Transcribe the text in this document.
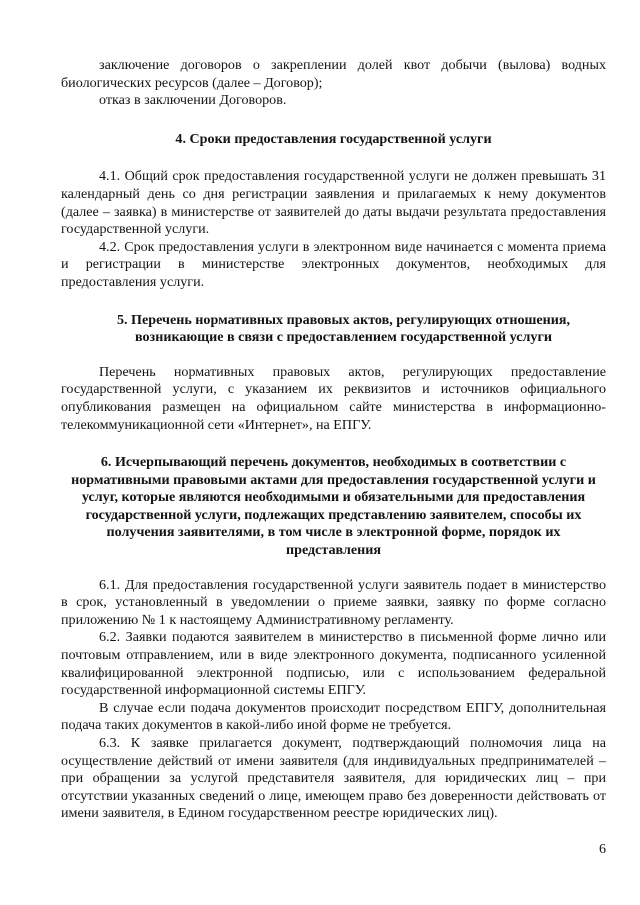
заключение договоров о закреплении долей квот добычи (вылова) водных биологических ресурсов (далее – Договор);

отказ в заключении Договоров.

4. Сроки предоставления государственной услуги

4.1. Общий срок предоставления государственной услуги не должен превышать 31 календарный день со дня регистрации заявления и прилагаемых к нему документов (далее – заявка) в министерстве от заявителей до даты выдачи результата предоставления государственной услуги.

4.2. Срок предоставления услуги в электронном виде начинается с момента приема и регистрации в министерстве электронных документов, необходимых для предоставления услуги.

5. Перечень нормативных правовых актов, регулирующих отношения, возникающие в связи с предоставлением государственной услуги

Перечень нормативных правовых актов, регулирующих предоставление государственной услуги, с указанием их реквизитов и источников официального опубликования размещен на официальном сайте министерства в информационно-телекоммуникационной сети «Интернет», на ЕПГУ.

6. Исчерпывающий перечень документов, необходимых в соответствии с нормативными правовыми актами для предоставления государственной услуги и услуг, которые являются необходимыми и обязательными для предоставления государственной услуги, подлежащих представлению заявителем, способы их получения заявителями, в том числе в электронной форме, порядок их представления

6.1. Для предоставления государственной услуги заявитель подает в министерство в срок, установленный в уведомлении о приеме заявки, заявку по форме согласно приложению № 1 к настоящему Административному регламенту.

6.2. Заявки подаются заявителем в министерство в письменной форме лично или почтовым отправлением, или в виде электронного документа, подписанного усиленной квалифицированной электронной подписью, или с использованием федеральной государственной информационной системы ЕПГУ.

В случае если подача документов происходит посредством ЕПГУ, дополнительная подача таких документов в какой-либо иной форме не требуется.

6.3. К заявке прилагается документ, подтверждающий полномочия лица на осуществление действий от имени заявителя (для индивидуальных предпринимателей – при обращении за услугой представителя заявителя, для юридических лиц – при отсутствии указанных сведений о лице, имеющем право без доверенности действовать от имени заявителя, в Едином государственном реестре юридических лиц).

6
